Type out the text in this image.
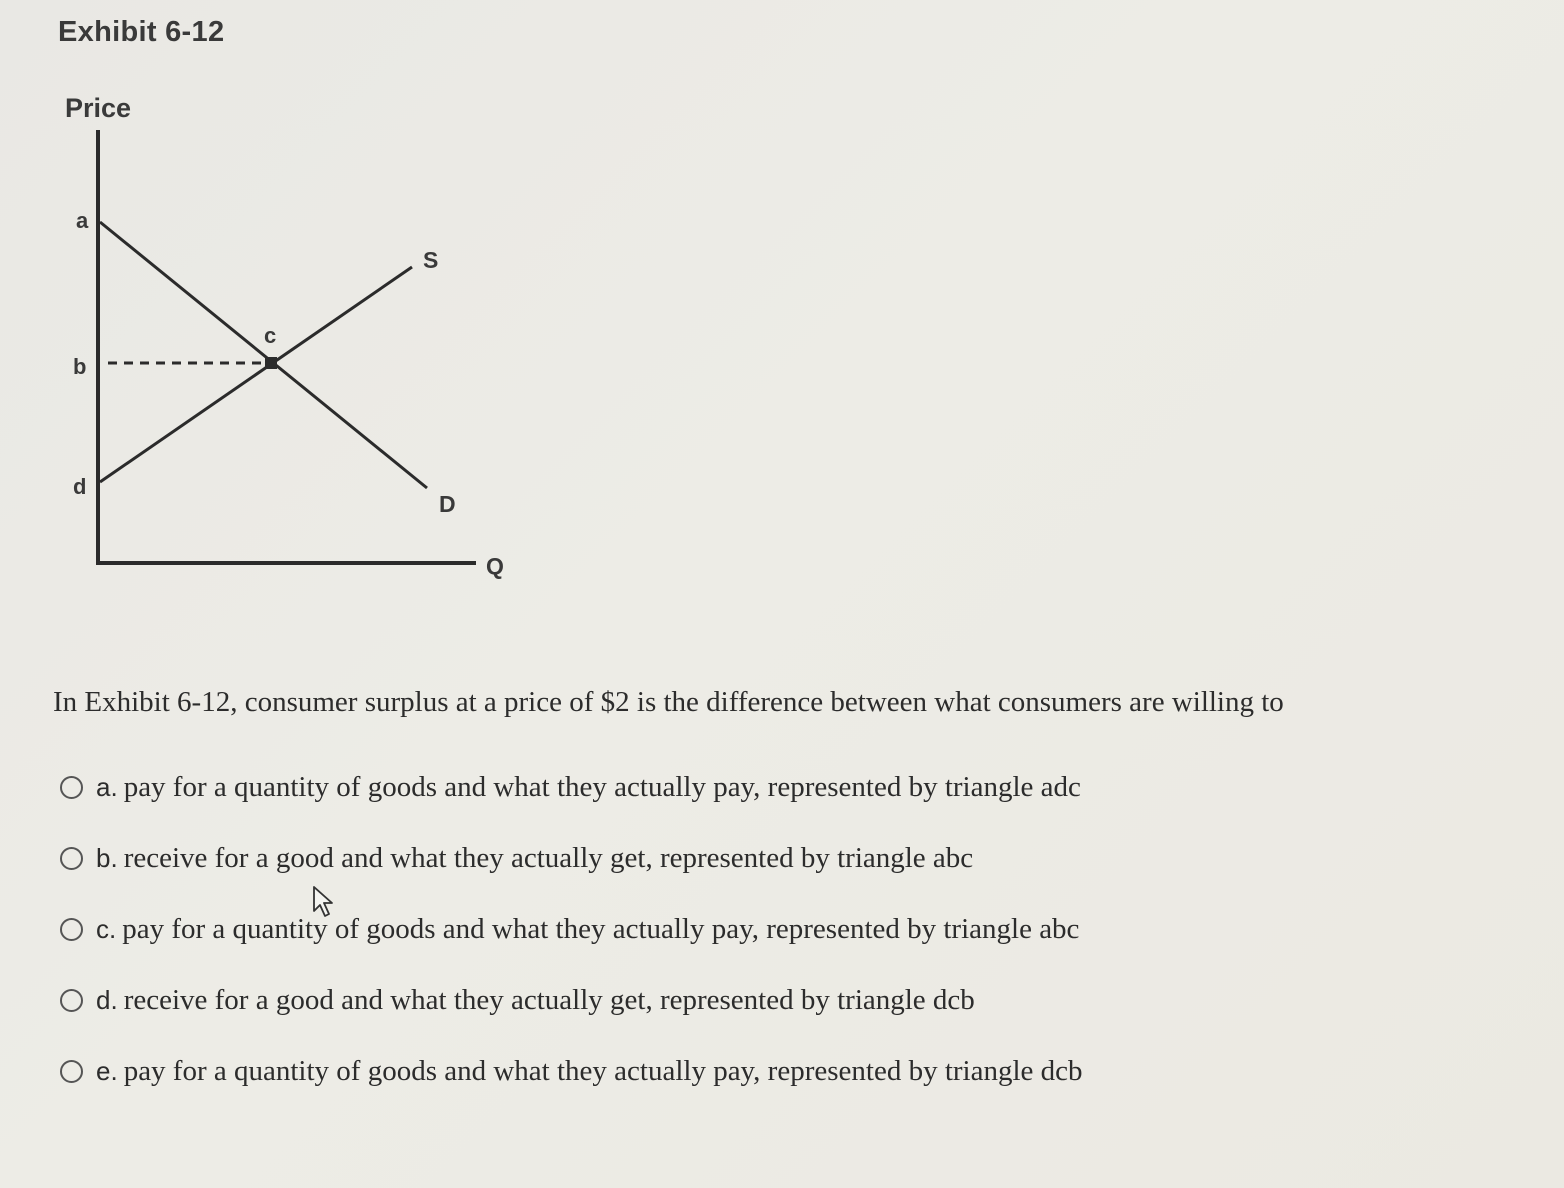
Exhibit 6-12
Price
Q
a
b
d
c
S
D
In Exhibit 6-12, consumer surplus at a price of $2 is the difference between what consumers are willing to
a. pay for a quantity of goods and what they actually pay, represented by triangle adc
b. receive for a good and what they actually get, represented by triangle abc
c. pay for a quantity of goods and what they actually pay, represented by triangle abc
d. receive for a good and what they actually get, represented by triangle dcb
e. pay for a quantity of goods and what they actually pay, represented by triangle dcb
